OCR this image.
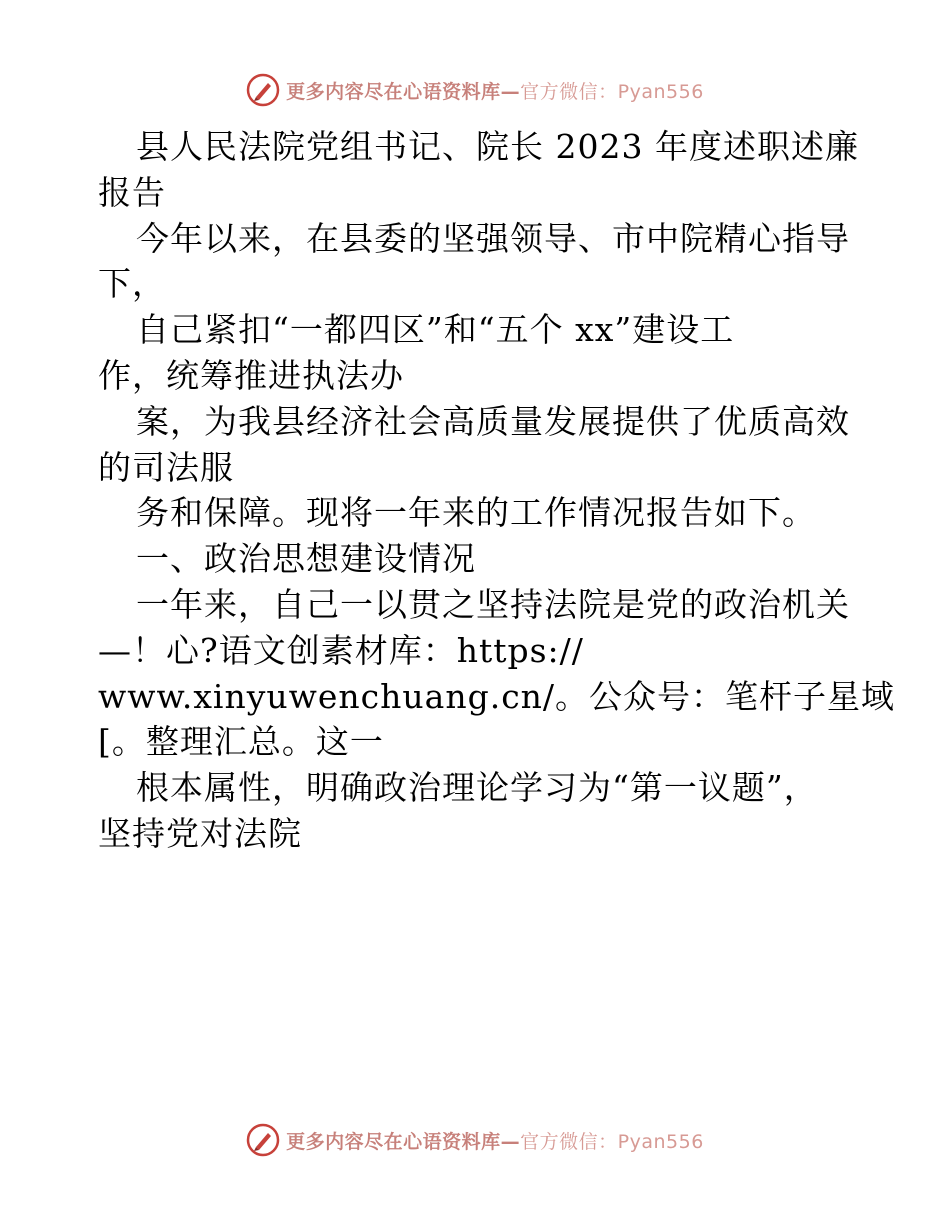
更多内容尽在心语资料库—官方微信：Pyan556
县人民法院党组书记、院长 2023 年度述职述廉
报告
今年以来，在县委的坚强领导、市中院精心指导
下，
自己紧扣“一都四区”和“五个 xx”建设工
作，统筹推进执法办
案，为我县经济社会高质量发展提供了优质高效
的司法服
务和保障。现将一年来的工作情况报告如下。
一、政治思想建设情况
一年来，自己一以贯之坚持法院是党的政治机关
—！心?语文创素材库：https://
www.xinyuwenchuang.cn/。公众号：笔杆子星域
[。整理汇总。这一
根本属性，明确政治理论学习为“第一议题”，
坚持党对法院
更多内容尽在心语资料库—官方微信：Pyan556
